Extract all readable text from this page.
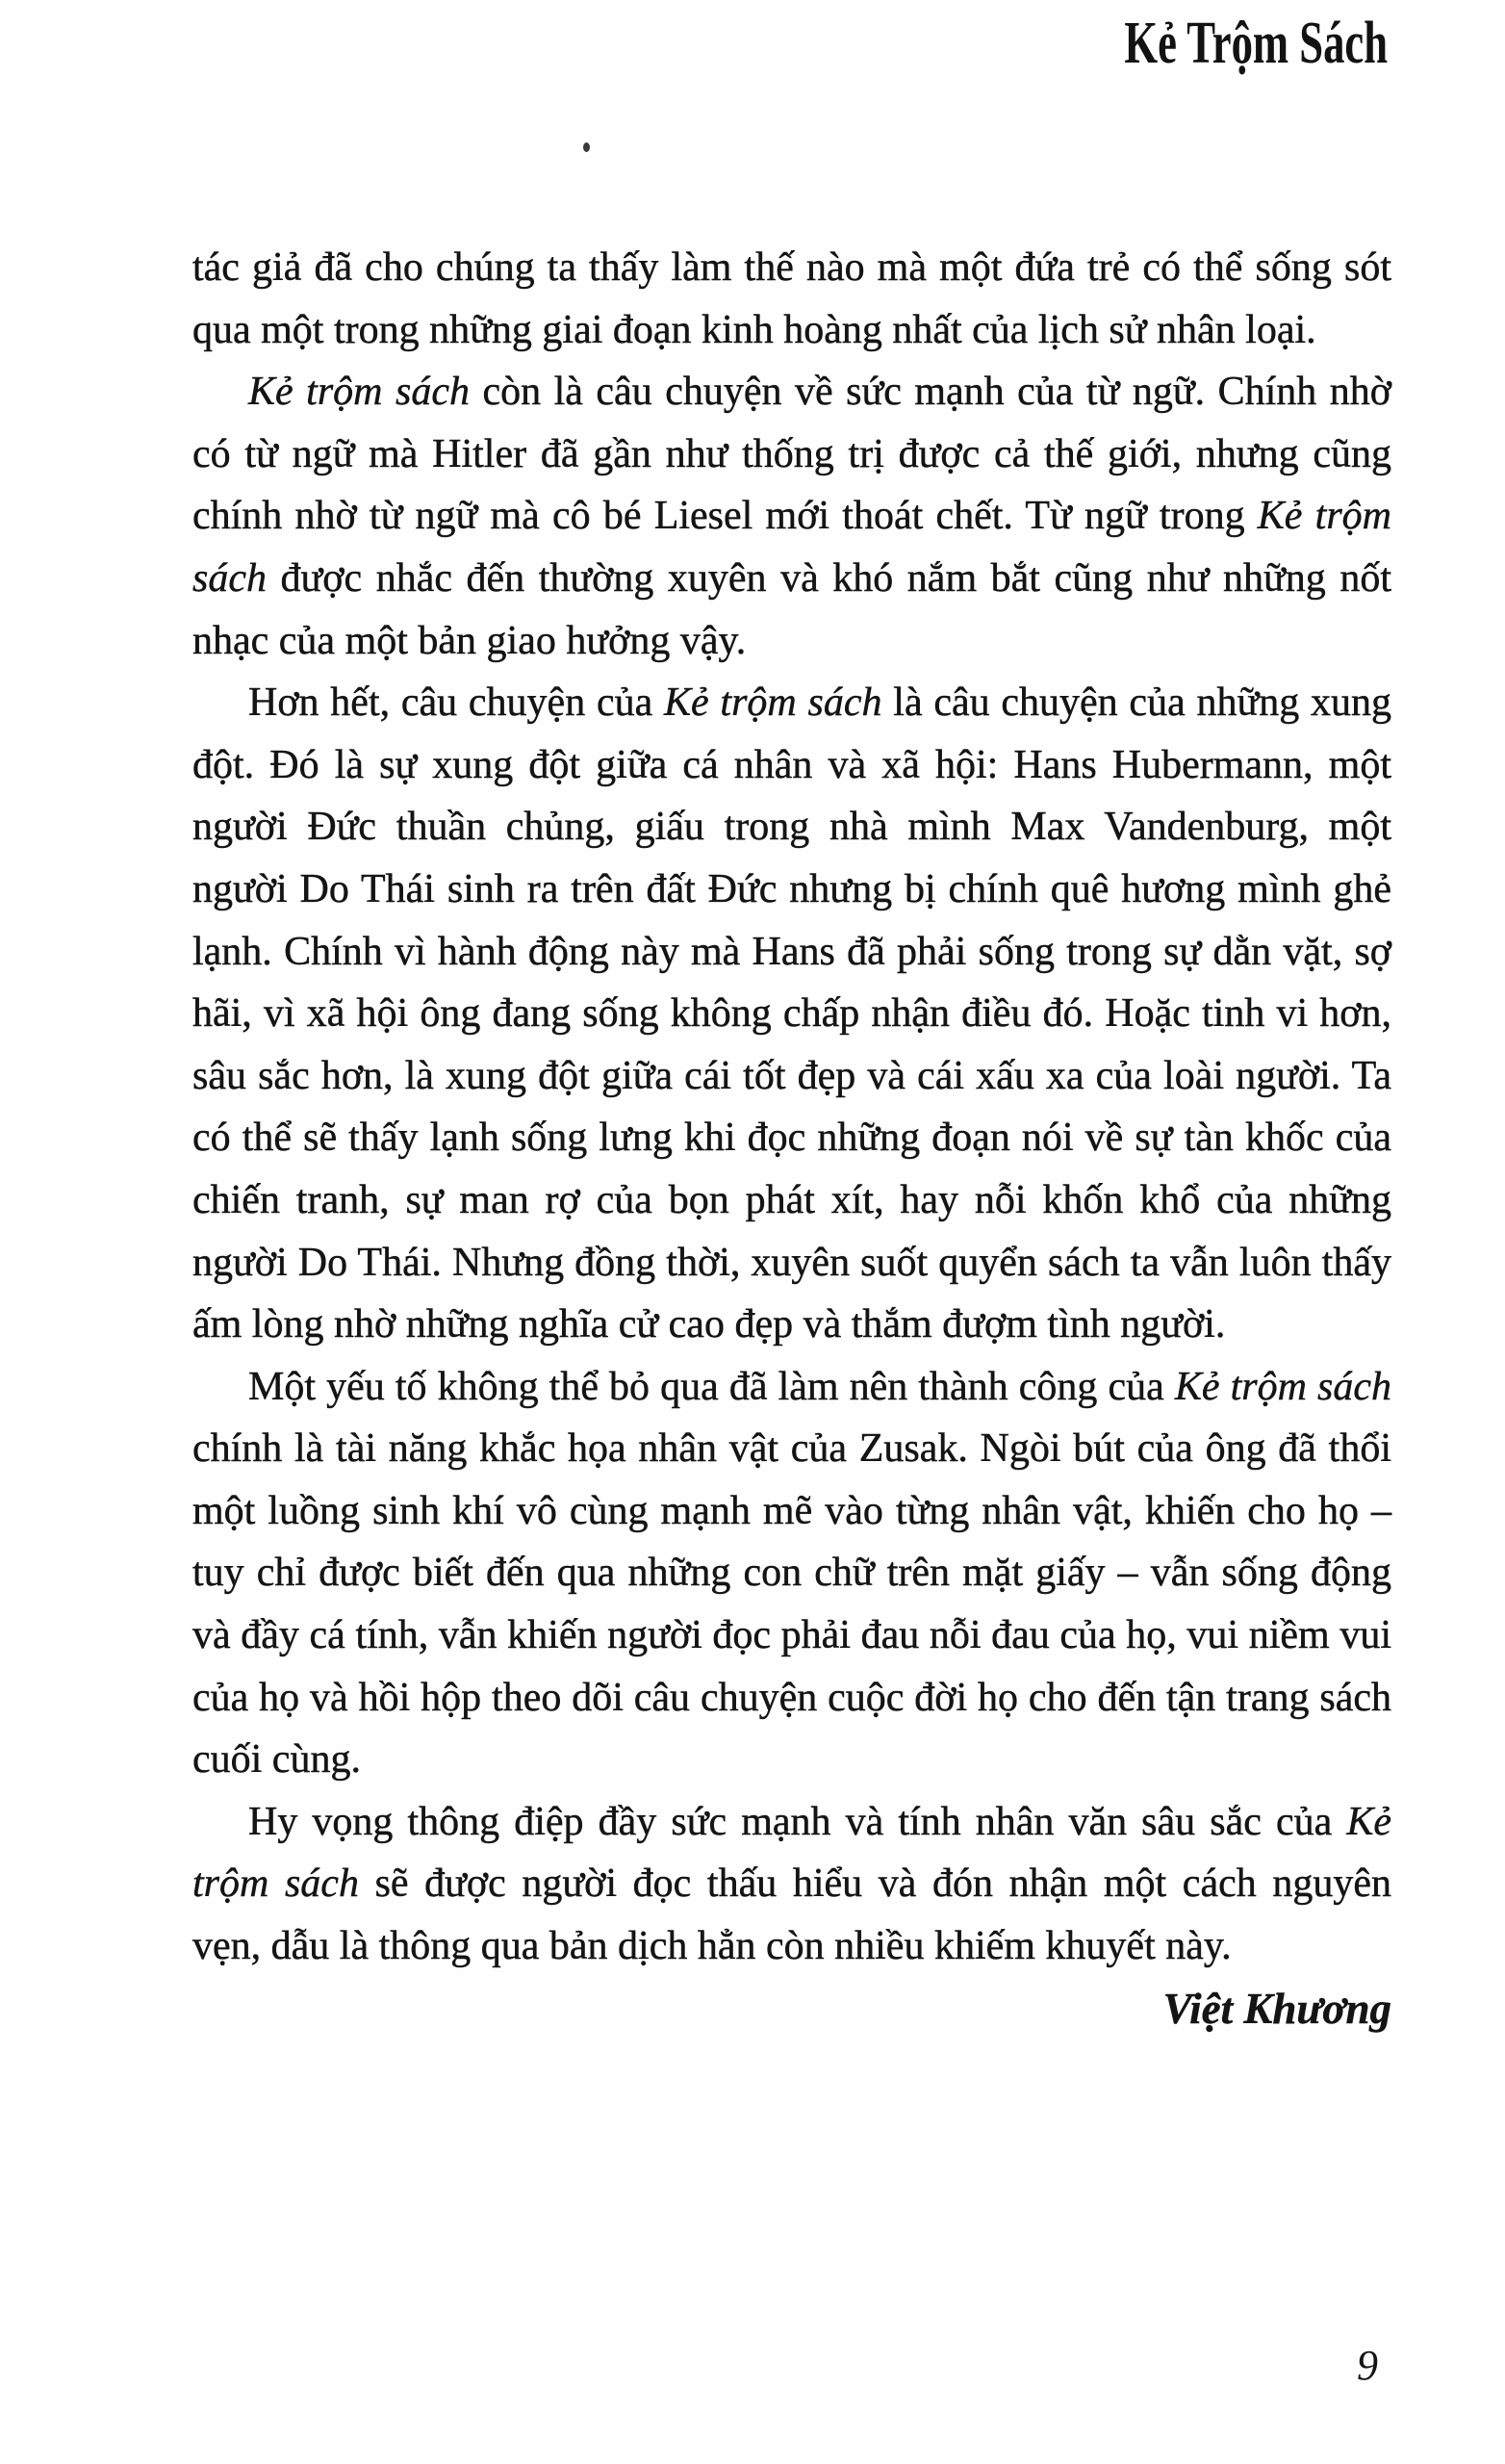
Kẻ Trộm Sách

tác giả đã cho chúng ta thấy làm thế nào mà một đứa trẻ có thể sống sót qua một trong những giai đoạn kinh hoàng nhất của lịch sử nhân loại.

Kẻ trộm sách còn là câu chuyện về sức mạnh của từ ngữ. Chính nhờ có từ ngữ mà Hitler đã gần như thống trị được cả thế giới, nhưng cũng chính nhờ từ ngữ mà cô bé Liesel mới thoát chết. Từ ngữ trong Kẻ trộm sách được nhắc đến thường xuyên và khó nắm bắt cũng như những nốt nhạc của một bản giao hưởng vậy.

Hơn hết, câu chuyện của Kẻ trộm sách là câu chuyện của những xung đột. Đó là sự xung đột giữa cá nhân và xã hội: Hans Hubermann, một người Đức thuần chủng, giấu trong nhà mình Max Vandenburg, một người Do Thái sinh ra trên đất Đức nhưng bị chính quê hương mình ghẻ lạnh. Chính vì hành động này mà Hans đã phải sống trong sự dằn vặt, sợ hãi, vì xã hội ông đang sống không chấp nhận điều đó. Hoặc tinh vi hơn, sâu sắc hơn, là xung đột giữa cái tốt đẹp và cái xấu xa của loài người. Ta có thể sẽ thấy lạnh sống lưng khi đọc những đoạn nói về sự tàn khốc của chiến tranh, sự man rợ của bọn phát xít, hay nỗi khốn khổ của những người Do Thái. Nhưng đồng thời, xuyên suốt quyển sách ta vẫn luôn thấy ấm lòng nhờ những nghĩa cử cao đẹp và thắm đượm tình người.

Một yếu tố không thể bỏ qua đã làm nên thành công của Kẻ trộm sách chính là tài năng khắc họa nhân vật của Zusak. Ngòi bút của ông đã thổi một luồng sinh khí vô cùng mạnh mẽ vào từng nhân vật, khiến cho họ – tuy chỉ được biết đến qua những con chữ trên mặt giấy – vẫn sống động và đầy cá tính, vẫn khiến người đọc phải đau nỗi đau của họ, vui niềm vui của họ và hồi hộp theo dõi câu chuyện cuộc đời họ cho đến tận trang sách cuối cùng.

Hy vọng thông điệp đầy sức mạnh và tính nhân văn sâu sắc của Kẻ trộm sách sẽ được người đọc thấu hiểu và đón nhận một cách nguyên vẹn, dẫu là thông qua bản dịch hẳn còn nhiều khiếm khuyết này.

Việt Khương

9
